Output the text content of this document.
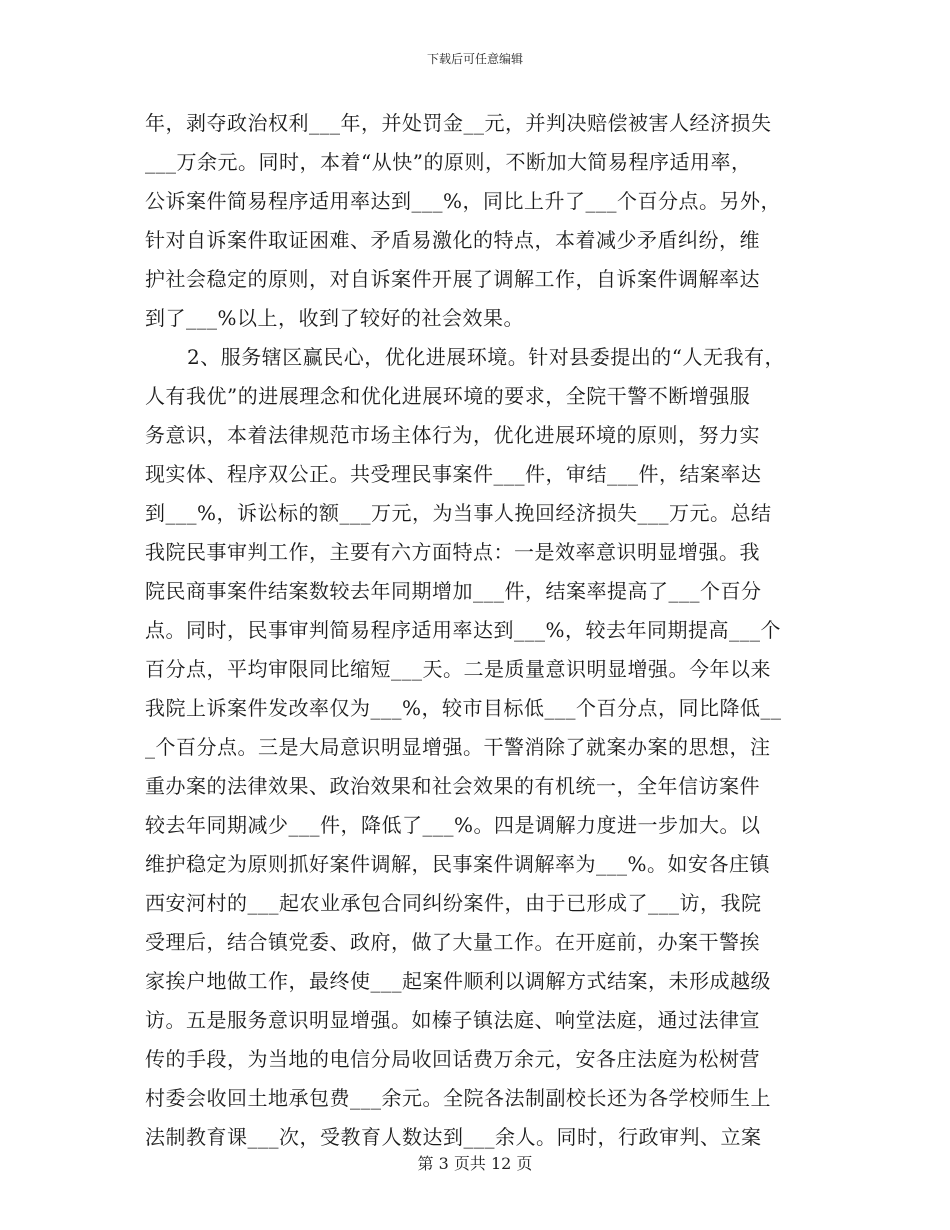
下载后可任意编辑
年，剥夺政治权利___年，并处罚金__元，并判决赔偿被害人经济损失
___万余元。同时，本着“从快”的原则，不断加大简易程序适用率，
公诉案件简易程序适用率达到___%，同比上升了___个百分点。另外，
针对自诉案件取证困难、矛盾易激化的特点，本着减少矛盾纠纷，维
护社会稳定的原则，对自诉案件开展了调解工作，自诉案件调解率达
到了___%以上，收到了较好的社会效果。
2、服务辖区赢民心，优化进展环境。针对县委提出的“人无我有，
人有我优”的进展理念和优化进展环境的要求，全院干警不断增强服
务意识，本着法律规范市场主体行为，优化进展环境的原则，努力实
现实体、程序双公正。共受理民事案件___件，审结___件，结案率达
到___%，诉讼标的额___万元，为当事人挽回经济损失___万元。总结
我院民事审判工作，主要有六方面特点：一是效率意识明显增强。我
院民商事案件结案数较去年同期增加___件，结案率提高了___个百分
点。同时，民事审判简易程序适用率达到___%，较去年同期提高___个
百分点，平均审限同比缩短___天。二是质量意识明显增强。今年以来
我院上诉案件发改率仅为___%，较市目标低___个百分点，同比降低__
_个百分点。三是大局意识明显增强。干警消除了就案办案的思想，注
重办案的法律效果、政治效果和社会效果的有机统一，全年信访案件
较去年同期减少___件，降低了___%。四是调解力度进一步加大。以
维护稳定为原则抓好案件调解，民事案件调解率为___%。如安各庄镇
西安河村的___起农业承包合同纠纷案件，由于已形成了___访，我院
受理后，结合镇党委、政府，做了大量工作。在开庭前，办案干警挨
家挨户地做工作，最终使___起案件顺利以调解方式结案，未形成越级
访。五是服务意识明显增强。如榛子镇法庭、响堂法庭，通过法律宣
传的手段，为当地的电信分局收回话费万余元，安各庄法庭为松树营
村委会收回土地承包费___余元。全院各法制副校长还为各学校师生上
法制教育课___次，受教育人数达到___余人。同时，行政审判、立案
第 3 页共 12 页
